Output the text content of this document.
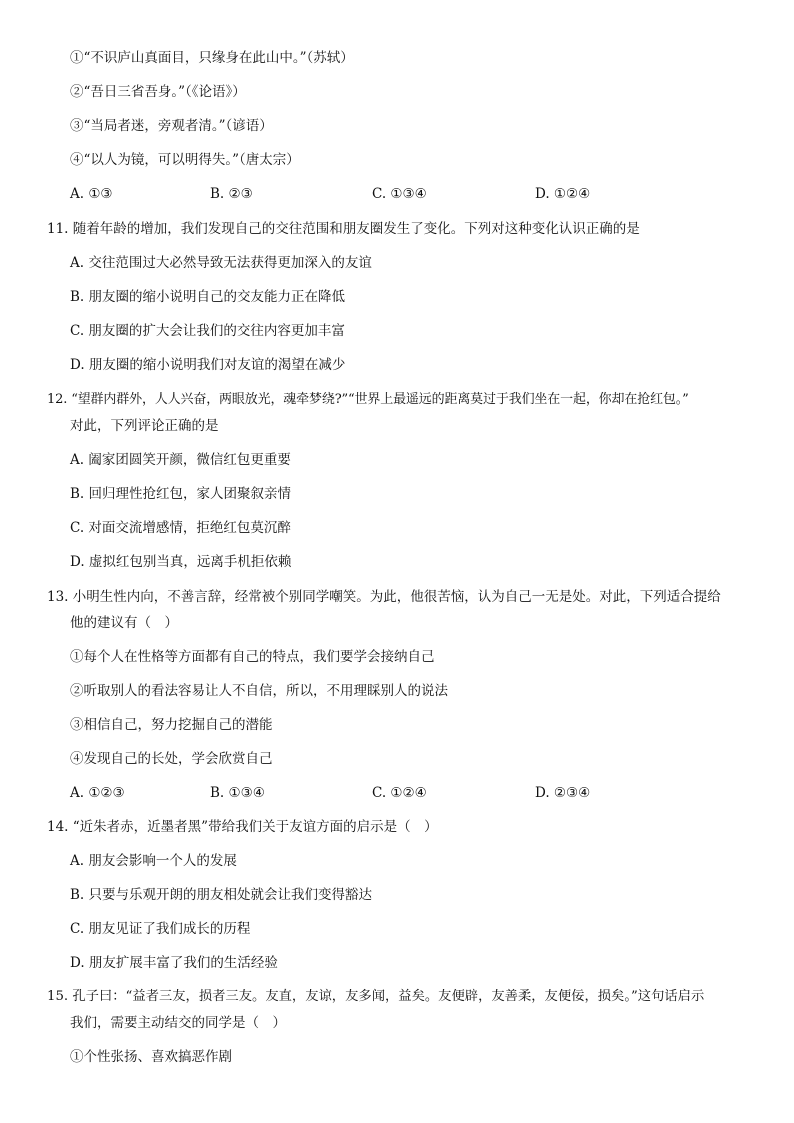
①“不识庐山真面目，只缘身在此山中。”（苏轼）
②“吾日三省吾身。”（《论语》）
③“当局者迷，旁观者清。”（谚语）
④“以人为镜，可以明得失。”（唐太宗）
A. ①③	B. ②③	C. ①③④	D. ①②④
11. 随着年龄的增加，我们发现自己的交往范围和朋友圈发生了变化。下列对这种变化认识正确的是
A. 交往范围过大必然导致无法获得更加深入的友谊
B. 朋友圈的缩小说明自己的交友能力正在降低
C. 朋友圈的扩大会让我们的交往内容更加丰富
D. 朋友圈的缩小说明我们对友谊的渴望在减少
12. “望群内群外，人人兴奋，两眼放光，魂牵梦绕?”“世界上最遥远的距离莫过于我们坐在一起，你却在抢红包。”
对此，下列评论正确的是
A. 阖家团圆笑开颜，微信红包更重要
B. 回归理性抢红包，家人团聚叙亲情
C. 对面交流增感情，拒绝红包莫沉醉
D. 虚拟红包别当真，远离手机拒依赖
13. 小明生性内向，不善言辞，经常被个别同学嘲笑。为此，他很苦恼，认为自己一无是处。对此，下列适合提给
他的建议有（　）
①每个人在性格等方面都有自己的特点，我们要学会接纳自己
②听取别人的看法容易让人不自信，所以，不用理睬别人的说法
③相信自己，努力挖掘自己的潜能
④发现自己的长处，学会欣赏自己
A. ①②③	B. ①③④	C. ①②④	D. ②③④
14. “近朱者赤，近墨者黑”带给我们关于友谊方面的启示是（　）
A. 朋友会影响一个人的发展
B. 只要与乐观开朗的朋友相处就会让我们变得豁达
C. 朋友见证了我们成长的历程
D. 朋友扩展丰富了我们的生活经验
15. 孔子曰：“益者三友，损者三友。友直，友谅，友多闻，益矣。友便辟，友善柔，友便佞，损矣。”这句话启示
我们，需要主动结交的同学是（　）
①个性张扬、喜欢搞恶作剧
